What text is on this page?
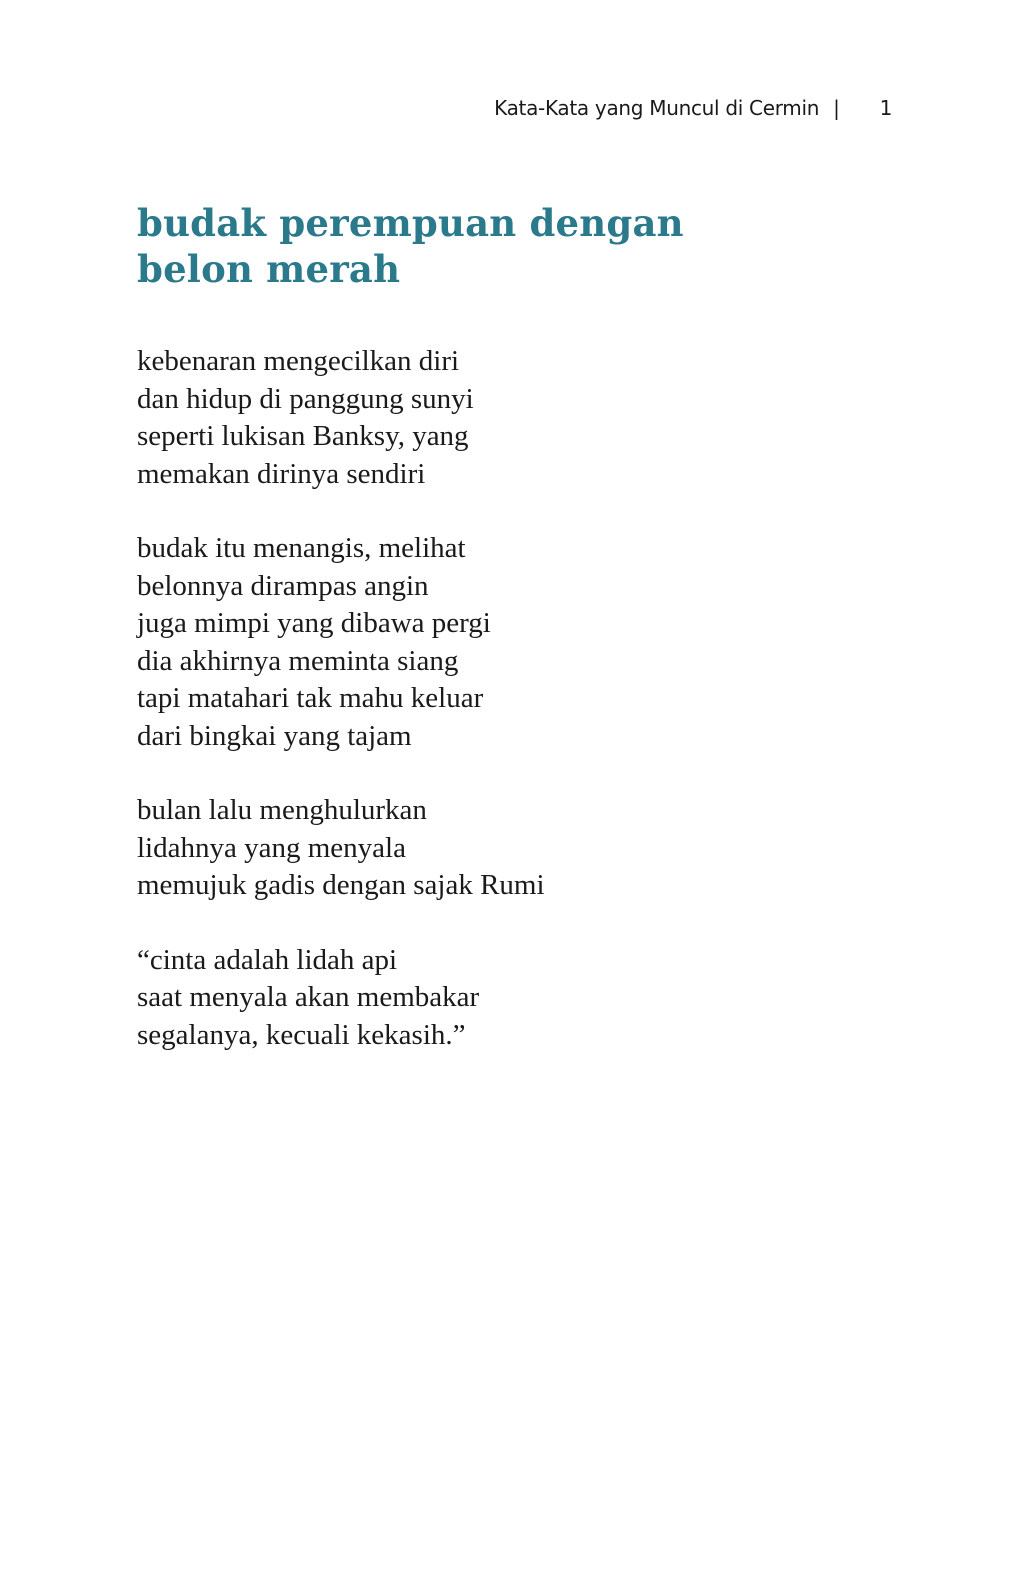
Kata-Kata yang Muncul di Cermin | 1
budak perempuan dengan
belon merah
kebenaran mengecilkan diri
dan hidup di panggung sunyi
seperti lukisan Banksy, yang
memakan dirinya sendiri
budak itu menangis, melihat
belonnya dirampas angin
juga mimpi yang dibawa pergi
dia akhirnya meminta siang
tapi matahari tak mahu keluar
dari bingkai yang tajam
bulan lalu menghulurkan
lidahnya yang menyala
memujuk gadis dengan sajak Rumi
“cinta adalah lidah api
saat menyala akan membakar
segalanya, kecuali kekasih.”
